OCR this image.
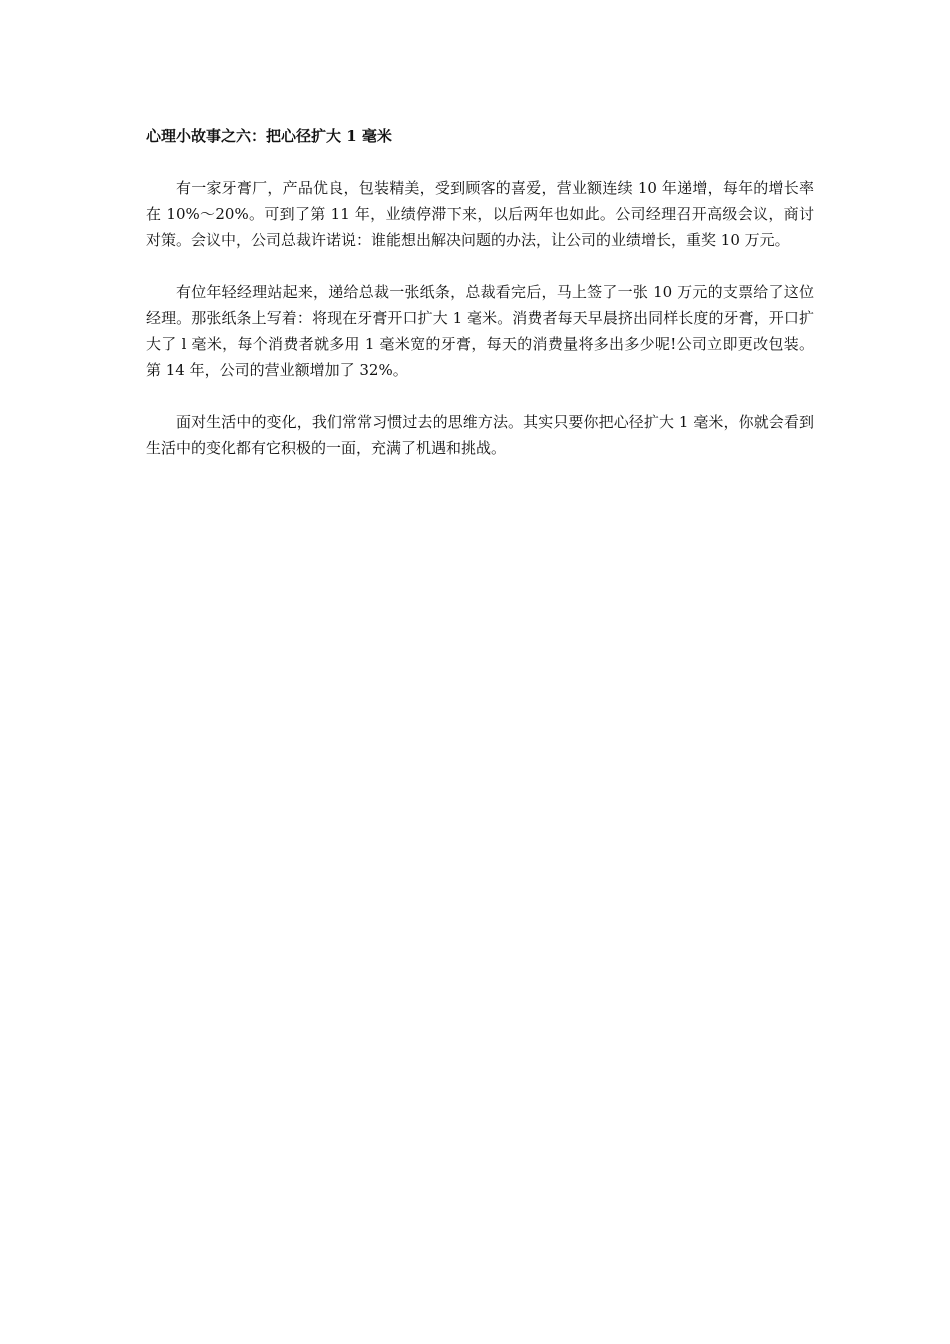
心理小故事之六：把心径扩大 1 毫米

有一家牙膏厂，产品优良，包装精美，受到顾客的喜爱，营业额连续 10 年递增，每年的增长率在 10%～20%。可到了第 11 年，业绩停滞下来，以后两年也如此。公司经理召开高级会议，商讨对策。会议中，公司总裁许诺说：谁能想出解决问题的办法，让公司的业绩增长，重奖 10 万元。

有位年轻经理站起来，递给总裁一张纸条，总裁看完后，马上签了一张 10 万元的支票给了这位经理。那张纸条上写着：将现在牙膏开口扩大 1 毫米。消费者每天早晨挤出同样长度的牙膏，开口扩大了 l 毫米，每个消费者就多用 1 毫米宽的牙膏，每天的消费量将多出多少呢!公司立即更改包装。第 14 年，公司的营业额增加了 32%。

面对生活中的变化，我们常常习惯过去的思维方法。其实只要你把心径扩大 1 毫米，你就会看到生活中的变化都有它积极的一面，充满了机遇和挑战。
